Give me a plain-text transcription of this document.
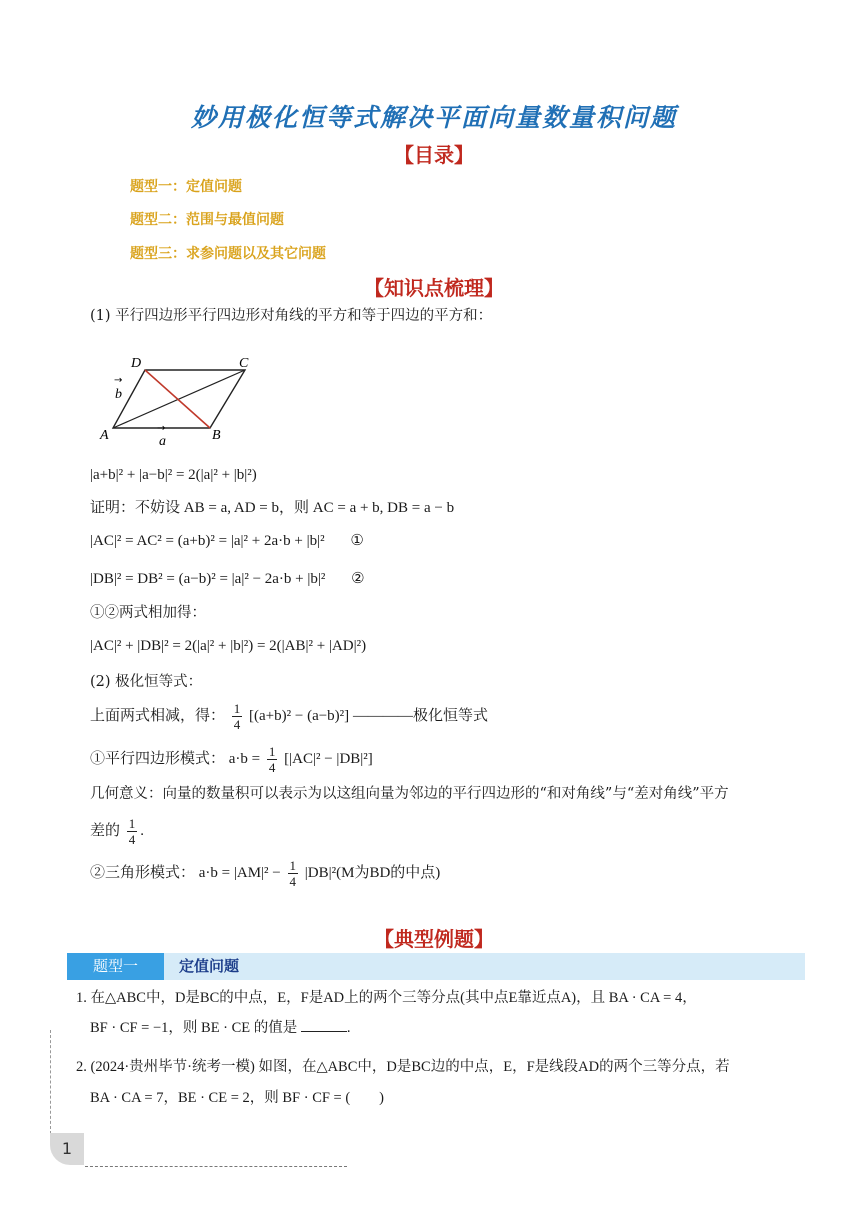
妙用极化恒等式解决平面向量数量积问题
【目录】
题型一：定值问题
题型二：范围与最值问题
题型三：求参问题以及其它问题
【知识点梳理】
(1) 平行四边形平行四边形对角线的平方和等于四边的平方和：
D	C
A	B
b
→
a
→
|a+b|² + |a−b|² = 2(|a|² + |b|²)
证明：不妨设 AB = a, AD = b，则 AC = a + b, DB = a − b
|AC|² = AC² = (a+b)² = |a|² + 2a·b + |b|² ①
|DB|² = DB² = (a−b)² = |a|² − 2a·b + |b|² ②
①②两式相加得：
|AC|² + |DB|² = 2(|a|² + |b|²) = 2(|AB|² + |AD|²)
(2) 极化恒等式：
上面两式相减，得： $\frac{1}{4} [(a+b)^2 - (a-b)^2]$ ————极化恒等式
①平行四边形模式： $a\cdot b = \frac{1}{4} [|AC|^2 - |DB|^2]$
几何意义：向量的数量积可以表示为以这组向量为邻边的平行四边形的“和对角线”与“差对角线”平方
差的 $\frac{1}{4}$ .
②三角形模式： $a\cdot b = |AM|^2 - \frac{1}{4} |DB|^2(M$为BD的中点)
【典型例题】
题型一	定值问题
1. 在△ABC中，D是BC的中点，E，F是AD上的两个三等分点(其中点E靠近点A)，且 BA · CA = 4，
BF · CF = −1，则 BE · CE 的值是	.
2. (2024·贵州毕节·统考一模) 如图，在△ABC中，D是BC边的中点，E，F是线段AD的两个三等分点，若
BA · CA = 7，BE · CE = 2，则 BF · CF = (　　)
1
